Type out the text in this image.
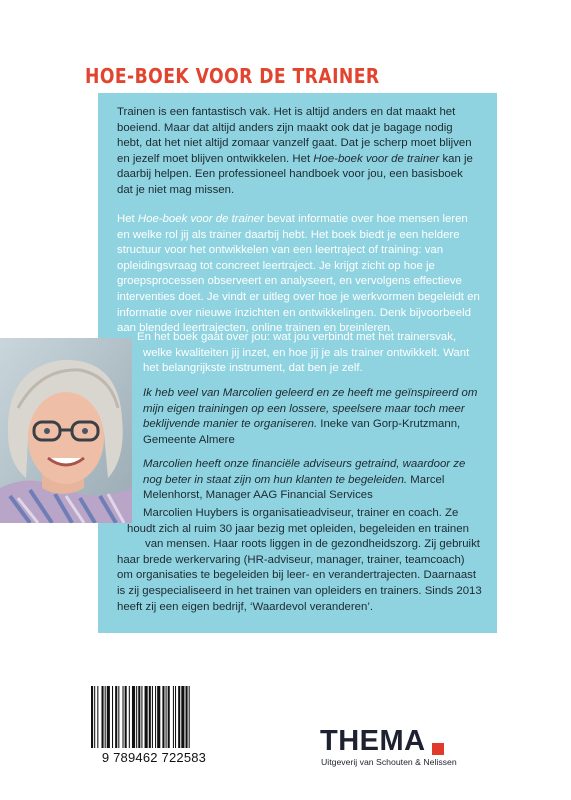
HOE-BOEK VOOR DE TRAINER
Trainen is een fantastisch vak. Het is altijd anders en dat maakt het
boeiend. Maar dat altijd anders zijn maakt ook dat je bagage nodig
hebt, dat het niet altijd zomaar vanzelf gaat. Dat je scherp moet blijven
en jezelf moet blijven ontwikkelen. Het Hoe-boek voor de trainer kan je
daarbij helpen. Een professioneel handboek voor jou, een basisboek
dat je niet mag missen.
Het Hoe-boek voor de trainer bevat informatie over hoe mensen leren en welke rol jij als trainer daarbij hebt. Het boek biedt je een heldere structuur voor het ontwikkelen van een leertraject of training: van opleidingsvraag tot concreet leertraject. Je krijgt zicht op hoe je groepsprocessen observeert en analyseert, en vervolgens effectieve interventies doet. Je vindt er uitleg over hoe je werkvormen begeleidt en informatie over nieuwe inzichten en ontwikkelingen. Denk bijvoorbeeld aan blended leertrajecten, online trainen en breinleren.
En het boek gaat over jou: wat jou verbindt met het trainersvak, welke kwaliteiten jij inzet, en hoe jij je als trainer ontwikkelt. Want het belangrijkste instrument, dat ben je zelf.
Ik heb veel van Marcolien geleerd en ze heeft me geïnspireerd om mijn eigen trainingen op een lossere, speelsere maar toch meer beklijvende manier te organiseren. Ineke van Gorp-Krutzmann, Gemeente Almere
Marcolien heeft onze financiële adviseurs getraind, waardoor ze nog beter in staat zijn om hun klanten te begeleiden. Marcel Melenhorst, Manager AAG Financial Services
Marcolien Huybers is organisatieadviseur, trainer en coach. Ze
houdt zich al ruim 30 jaar bezig met opleiden, begeleiden en trainen
van mensen. Haar roots liggen in de gezondheidszorg. Zij gebruikt
haar brede werkervaring (HR-adviseur, manager, trainer, teamcoach) om organisaties te begeleiden bij leer- en verandertrajecten. Daarnaast is zij gespecialiseerd in het trainen van opleiders en trainers. Sinds 2013 heeft zij een eigen bedrijf, ‘Waardevol veranderen’.
9 789462 722583
THEMA
Uitgeverij van Schouten & Nelissen
